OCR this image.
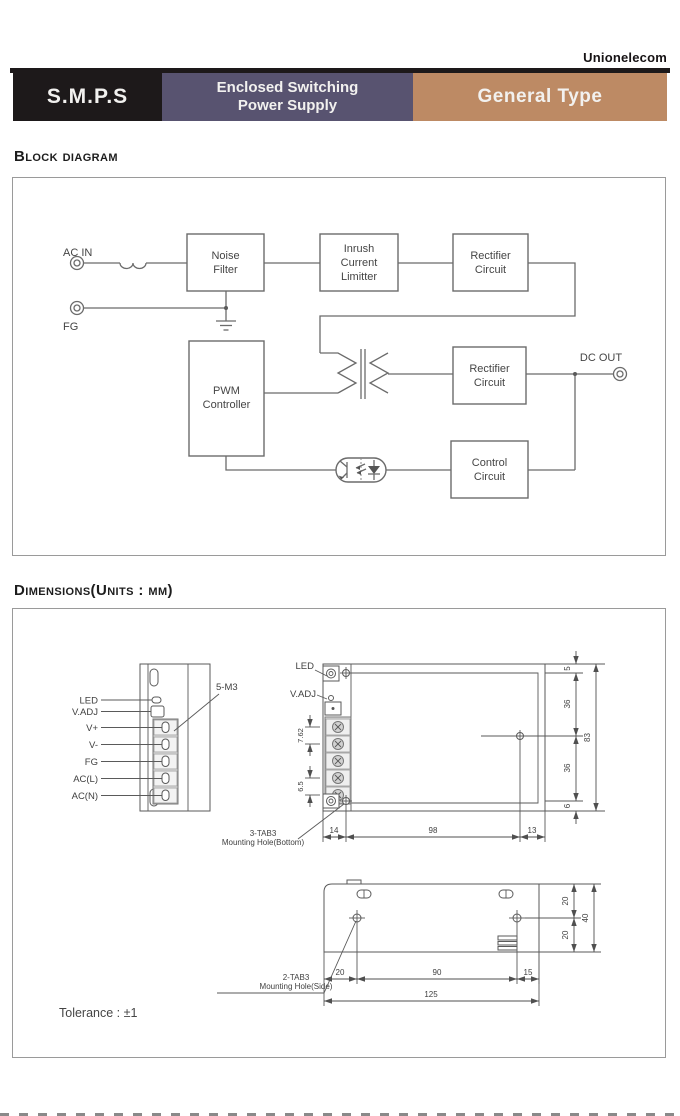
Unionelecom
S.M.P.S	Enclosed Switching
Power Supply	General Type
Block diagram
Noise
Filter
Inrush
Current
Limitter
Rectifier
Circuit
PWM
Controller
Rectifier
Circuit
Control
Circuit
AC IN
FG
DC OUT
Dimensions(Units : mm)
LED
V.ADJ
V+
V-
FG
AC(L)
AC(N)
5-M3
LED
V.ADJ
7.62
6.5
5
36
36
6
83
14	98	13
3-TAB3
Mounting Hole(Bottom)
20
20
40
20	90	15
125
2-TAB3
Mounting Hole(Side)
Tolerance : ±1
